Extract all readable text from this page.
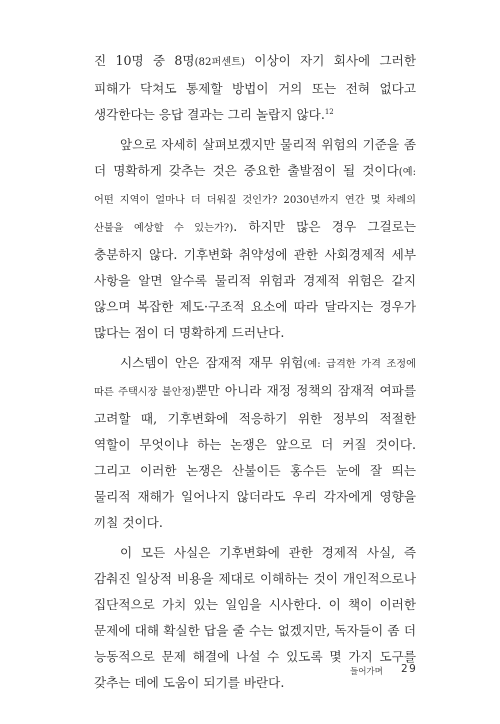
진 10명 중 8명(82퍼센트) 이상이 자기 회사에 그러한 피해가 닥쳐도 통제할 방법이 거의 또는 전혀 없다고 생각한다는 응답 결과는 그리 놀랍지 않다.$^{12}$

앞으로 자세히 살펴보겠지만 물리적 위험의 기준을 좀 더 명확하게 갖추는 것은 중요한 출발점이 될 것이다(예: 어떤 지역이 얼마나 더 더워질 것인가? 2030년까지 연간 몇 차례의 산불을 예상할 수 있는가?). 하지만 많은 경우 그걸로는 충분하지 않다. 기후변화 취약성에 관한 사회경제적 세부 사항을 알면 알수록 물리적 위험과 경제적 위험은 같지 않으며 복잡한 제도·구조적 요소에 따라 달라지는 경우가 많다는 점이 더 명확하게 드러난다.

시스템이 안은 잠재적 재무 위험(예: 급격한 가격 조정에 따른 주택시장 불안정)뿐만 아니라 재정 정책의 잠재적 여파를 고려할 때, 기후변화에 적응하기 위한 정부의 적절한 역할이 무엇이냐 하는 논쟁은 앞으로 더 커질 것이다. 그리고 이러한 논쟁은 산불이든 홍수든 눈에 잘 띄는 물리적 재해가 일어나지 않더라도 우리 각자에게 영향을 끼칠 것이다.

이 모든 사실은 기후변화에 관한 경제적 사실, 즉 감춰진 일상적 비용을 제대로 이해하는 것이 개인적으로나 집단적으로 가치 있는 일임을 시사한다. 이 책이 이러한 문제에 대해 확실한 답을 줄 수는 없겠지만, 독자들이 좀 더 능동적으로 문제 해결에 나설 수 있도록 몇 가지 도구를 갖추는 데에 도움이 되기를 바란다.

들어가며 29
